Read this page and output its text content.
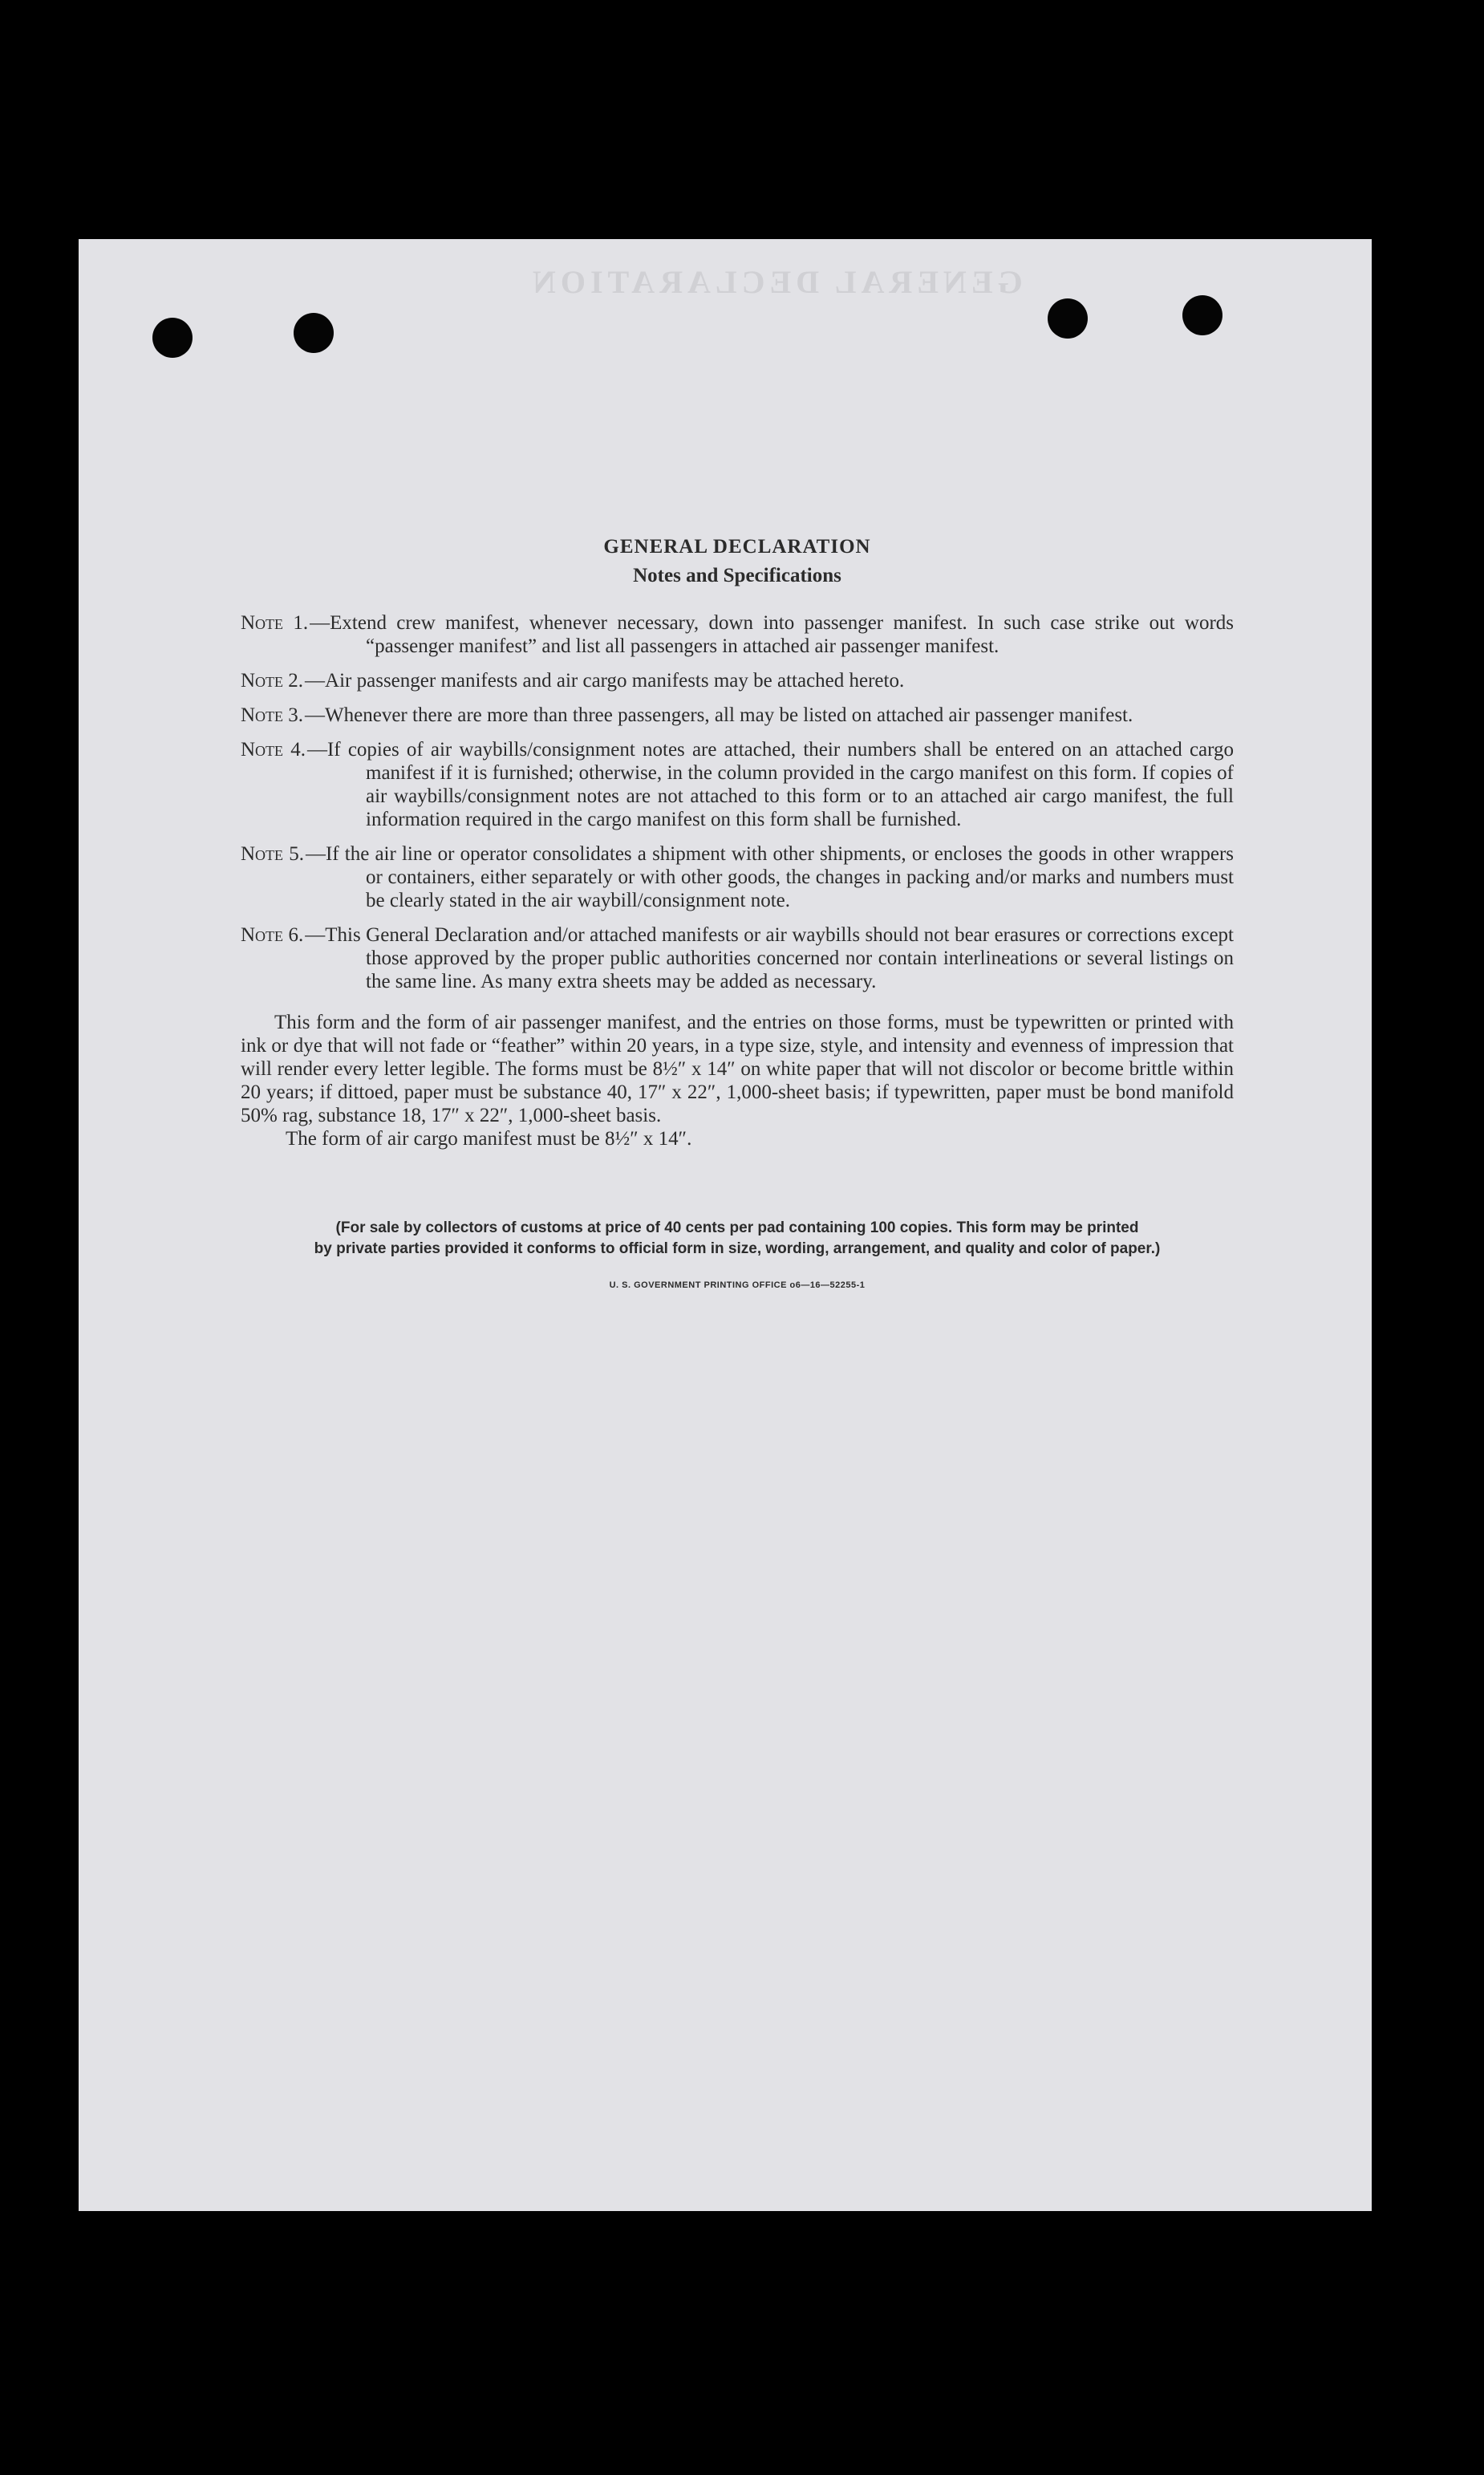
GENERAL DECLARATION
GENERAL DECLARATION
Notes and Specifications
Note 1.—Extend crew manifest, whenever necessary, down into passenger manifest. In such case strike out words “passenger manifest” and list all passengers in attached air passenger manifest.
Note 2.—Air passenger manifests and air cargo manifests may be attached hereto.
Note 3.—Whenever there are more than three passengers, all may be listed on attached air passenger manifest.
Note 4.—If copies of air waybills/consignment notes are attached, their numbers shall be entered on an attached cargo manifest if it is furnished; otherwise, in the column provided in the cargo manifest on this form. If copies of air waybills/consignment notes are not attached to this form or to an attached air cargo manifest, the full information required in the cargo manifest on this form shall be furnished.
Note 5.—If the air line or operator consolidates a shipment with other shipments, or encloses the goods in other wrappers or containers, either separately or with other goods, the changes in packing and/or marks and numbers must be clearly stated in the air waybill/consignment note.
Note 6.—This General Declaration and/or attached manifests or air waybills should not bear erasures or corrections except those approved by the proper public authorities concerned nor contain interlineations or several listings on the same line. As many extra sheets may be added as necessary.

This form and the form of air passenger manifest, and the entries on those forms, must be typewritten or printed with ink or dye that will not fade or “feather” within 20 years, in a type size, style, and intensity and evenness of impression that will render every letter legible. The forms must be 8½″ x 14″ on white paper that will not discolor or become brittle within 20 years; if dittoed, paper must be substance 40, 17″ x 22″, 1,000-sheet basis; if typewritten, paper must be bond manifold 50% rag, substance 18, 17″ x 22″, 1,000-sheet basis.

The form of air cargo manifest must be 8½″ x 14″.

(For sale by collectors of customs at price of 40 cents per pad containing 100 copies. This form may be printed
by private parties provided it conforms to official form in size, wording, arrangement, and quality and color of paper.)
U. S. GOVERNMENT PRINTING OFFICE o6—16—52255-1
